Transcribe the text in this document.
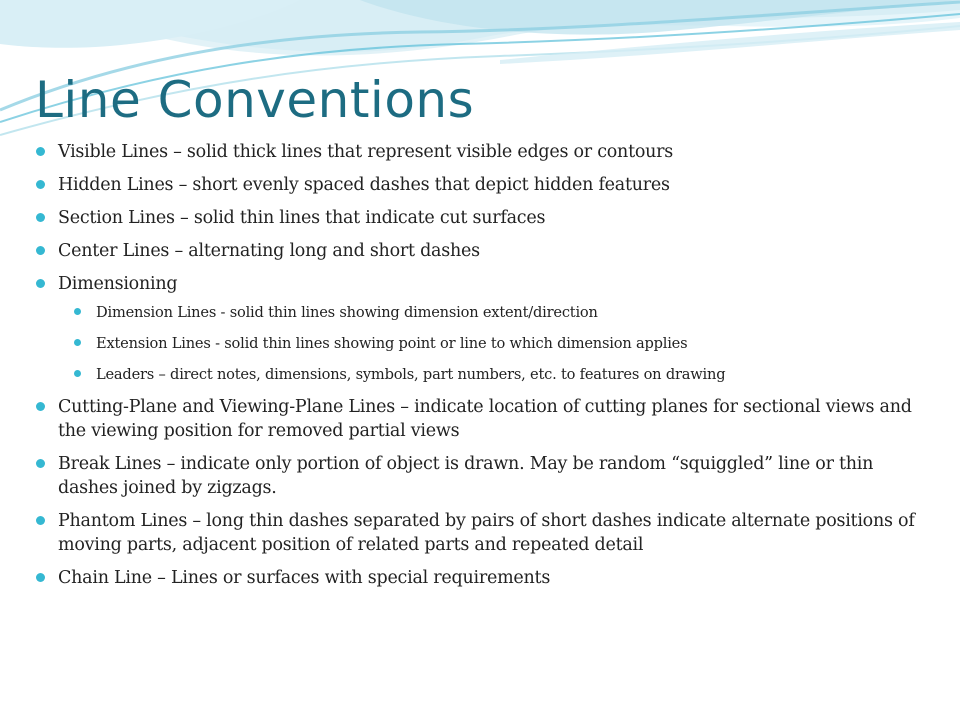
Line Conventions
Visible Lines – solid thick lines that represent visible edges or contours
Hidden Lines – short evenly spaced dashes that depict hidden features
Section Lines – solid thin lines that indicate cut surfaces
Center Lines – alternating long and short dashes
Dimensioning
Dimension Lines - solid thin lines showing dimension extent/direction
Extension Lines - solid thin lines showing point or line to which dimension applies
Leaders – direct notes, dimensions, symbols, part numbers, etc. to features on drawing
Cutting-Plane and Viewing-Plane Lines – indicate location of cutting planes for sectional views and the viewing position for removed partial views
Break Lines – indicate only portion of object is drawn. May be random “squiggled” line or thin dashes joined by zigzags.
Phantom Lines – long thin dashes separated by pairs of short dashes indicate alternate positions of moving parts, adjacent position of related parts and repeated detail
Chain Line – Lines or surfaces with special requirements
